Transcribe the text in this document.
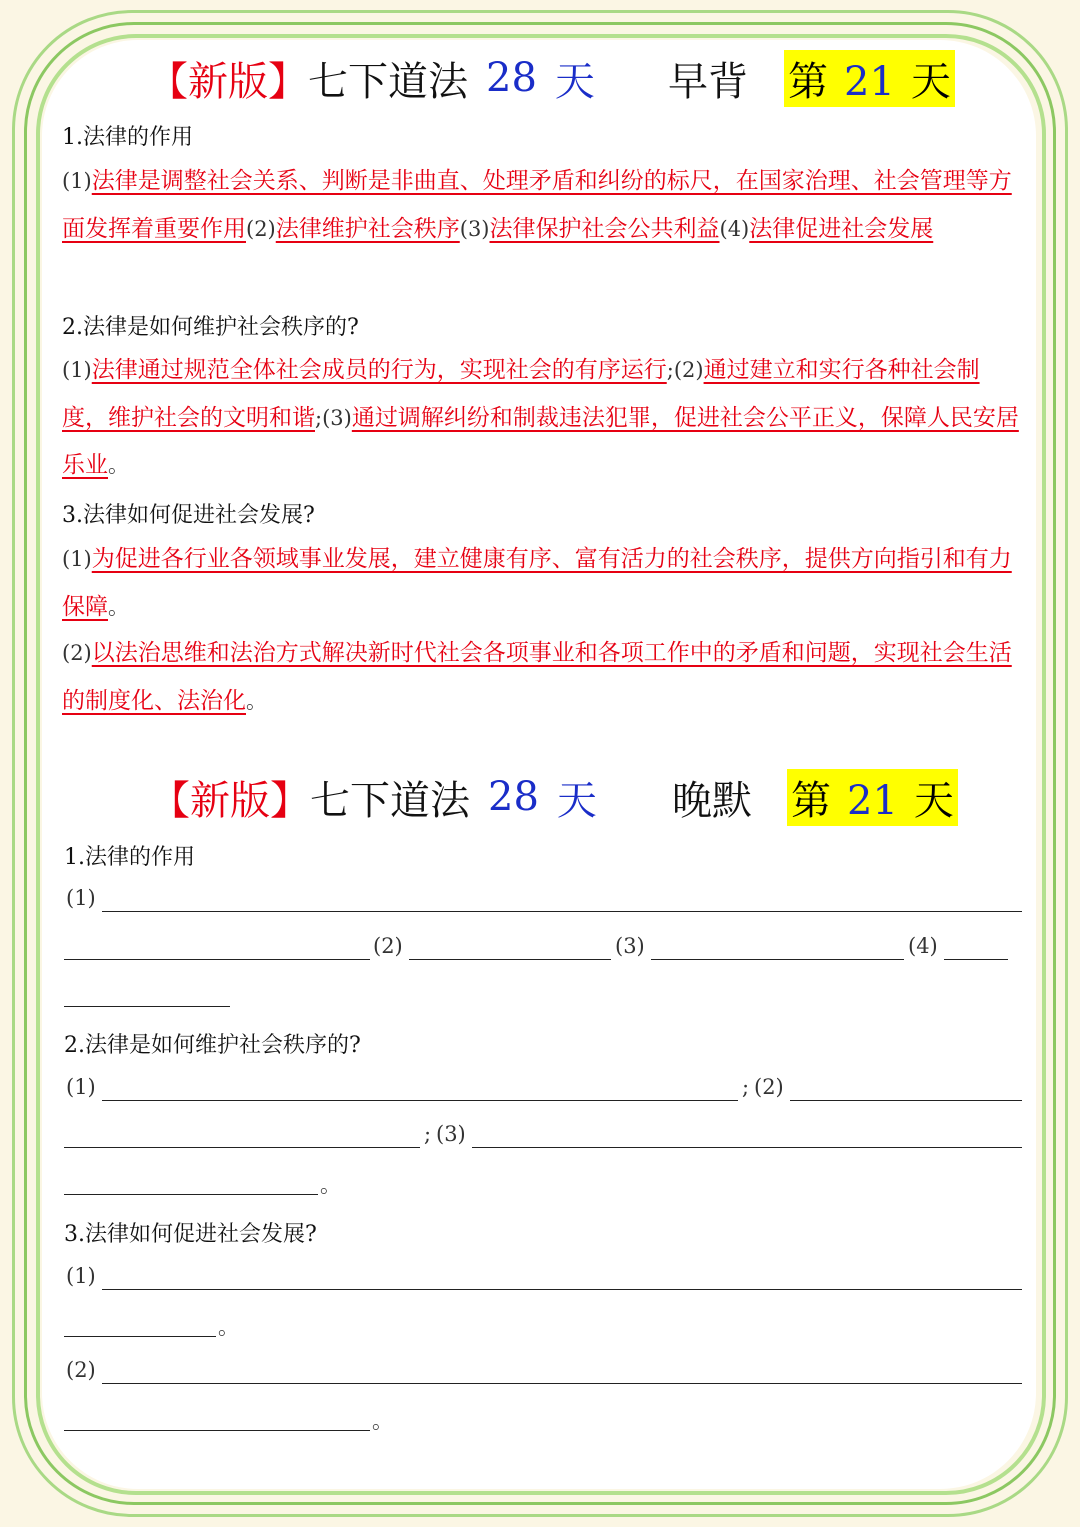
【新版】 七下道法 28 天 早背 第 21 天
1.法律的作用
(1)法律是调整社会关系、判断是非曲直、处理矛盾和纠纷的标尺，在国家治理、社会管理等方面发挥着重要作用(2)法律维护社会秩序(3)法律保护社会公共利益(4)法律促进社会发展
2.法律是如何维护社会秩序的?
(1)法律通过规范全体社会成员的行为，实现社会的有序运行;(2)通过建立和实行各种社会制度，维护社会的文明和谐;(3)通过调解纠纷和制裁违法犯罪，促进社会公平正义，保障人民安居乐业。
3.法律如何促进社会发展?
(1)为促进各行业各领域事业发展，建立健康有序、富有活力的社会秩序，提供方向指引和有力保障。
(2)以法治思维和法治方式解决新时代社会各项事业和各项工作中的矛盾和问题，实现社会生活的制度化、法治化。
【新版】 七下道法 28 天 晚默 第 21 天
1.法律的作用
(1)
(2)	(3)	(4)
2.法律是如何维护社会秩序的?
(1)	; (2)
; (3)
。
3.法律如何促进社会发展?
(1)
。
(2)
。
